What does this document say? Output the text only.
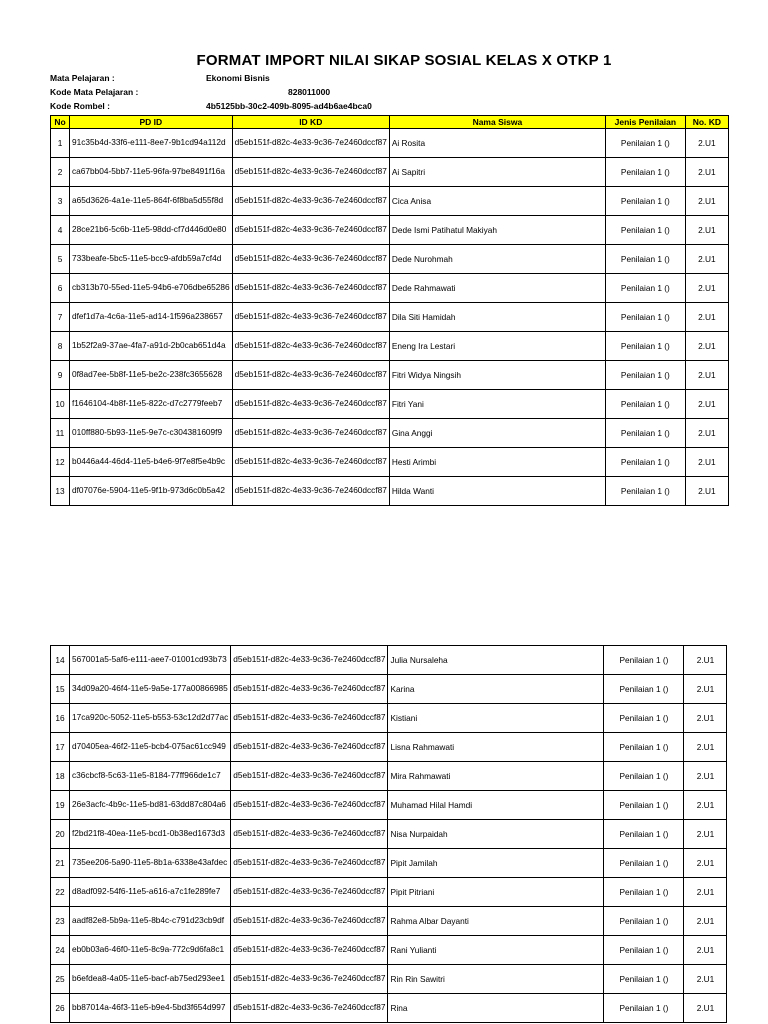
FORMAT IMPORT NILAI SIKAP SOSIAL KELAS X OTKP 1
Mata Pelajaran :	Ekonomi Bisnis
Kode Mata Pelajaran :	828011000
Kode Rombel :	4b5125bb-30c2-409b-8095-ad4b6ae4bca0
No	PD ID	ID KD	Nama Siswa	Jenis Penilaian	No. KD
1	91c35b4d-33f6-e111-8ee7-9b1cd94a112d	d5eb151f-d82c-4e33-9c36-7e2460dccf87	Ai Rosita	Penilaian 1 ()	2.U1
2	ca67bb04-5bb7-11e5-96fa-97be8491f16a	d5eb151f-d82c-4e33-9c36-7e2460dccf87	Ai Sapitri	Penilaian 1 ()	2.U1
3	a65d3626-4a1e-11e5-864f-6f8ba5d55f8d	d5eb151f-d82c-4e33-9c36-7e2460dccf87	Cica Anisa	Penilaian 1 ()	2.U1
4	28ce21b6-5c6b-11e5-98dd-cf7d446d0e80	d5eb151f-d82c-4e33-9c36-7e2460dccf87	Dede Ismi Patihatul Makiyah	Penilaian 1 ()	2.U1
5	733beafe-5bc5-11e5-bcc9-afdb59a7cf4d	d5eb151f-d82c-4e33-9c36-7e2460dccf87	Dede Nurohmah	Penilaian 1 ()	2.U1
6	cb313b70-55ed-11e5-94b6-e706dbe65286	d5eb151f-d82c-4e33-9c36-7e2460dccf87	Dede Rahmawati	Penilaian 1 ()	2.U1
7	dfef1d7a-4c6a-11e5-ad14-1f596a238657	d5eb151f-d82c-4e33-9c36-7e2460dccf87	Dila Siti Hamidah	Penilaian 1 ()	2.U1
8	1b52f2a9-37ae-4fa7-a91d-2b0cab651d4a	d5eb151f-d82c-4e33-9c36-7e2460dccf87	Eneng Ira Lestari	Penilaian 1 ()	2.U1
9	0f8ad7ee-5b8f-11e5-be2c-238fc3655628	d5eb151f-d82c-4e33-9c36-7e2460dccf87	Fitri Widya Ningsih	Penilaian 1 ()	2.U1
10	f1646104-4b8f-11e5-822c-d7c2779feeb7	d5eb151f-d82c-4e33-9c36-7e2460dccf87	Fitri Yani	Penilaian 1 ()	2.U1
11	010ff880-5b93-11e5-9e7c-c304381609f9	d5eb151f-d82c-4e33-9c36-7e2460dccf87	Gina Anggi	Penilaian 1 ()	2.U1
12	b0446a44-46d4-11e5-b4e6-9f7e8f5e4b9c	d5eb151f-d82c-4e33-9c36-7e2460dccf87	Hesti Arimbi	Penilaian 1 ()	2.U1
13	df07076e-5904-11e5-9f1b-973d6c0b5a42	d5eb151f-d82c-4e33-9c36-7e2460dccf87	Hilda Wanti	Penilaian 1 ()	2.U1
14	567001a5-5af6-e111-aee7-01001cd93b73	d5eb151f-d82c-4e33-9c36-7e2460dccf87	Julia Nursaleha	Penilaian 1 ()	2.U1
15	34d09a20-46f4-11e5-9a5e-177a00866985	d5eb151f-d82c-4e33-9c36-7e2460dccf87	Karina	Penilaian 1 ()	2.U1
16	17ca920c-5052-11e5-b553-53c12d2d77ac	d5eb151f-d82c-4e33-9c36-7e2460dccf87	Kistiani	Penilaian 1 ()	2.U1
17	d70405ea-46f2-11e5-bcb4-075ac61cc949	d5eb151f-d82c-4e33-9c36-7e2460dccf87	Lisna Rahmawati	Penilaian 1 ()	2.U1
18	c36cbcf8-5c63-11e5-8184-77ff966de1c7	d5eb151f-d82c-4e33-9c36-7e2460dccf87	Mira Rahmawati	Penilaian 1 ()	2.U1
19	26e3acfc-4b9c-11e5-bd81-63dd87c804a6	d5eb151f-d82c-4e33-9c36-7e2460dccf87	Muhamad Hilal Hamdi	Penilaian 1 ()	2.U1
20	f2bd21f8-40ea-11e5-bcd1-0b38ed1673d3	d5eb151f-d82c-4e33-9c36-7e2460dccf87	Nisa Nurpaidah	Penilaian 1 ()	2.U1
21	735ee206-5a90-11e5-8b1a-6338e43afdec	d5eb151f-d82c-4e33-9c36-7e2460dccf87	Pipit Jamilah	Penilaian 1 ()	2.U1
22	d8adf092-54f6-11e5-a616-a7c1fe289fe7	d5eb151f-d82c-4e33-9c36-7e2460dccf87	Pipit Pitriani	Penilaian 1 ()	2.U1
23	aadf82e8-5b9a-11e5-8b4c-c791d23cb9df	d5eb151f-d82c-4e33-9c36-7e2460dccf87	Rahma Albar Dayanti	Penilaian 1 ()	2.U1
24	eb0b03a6-46f0-11e5-8c9a-772c9d6fa8c1	d5eb151f-d82c-4e33-9c36-7e2460dccf87	Rani Yulianti	Penilaian 1 ()	2.U1
25	b6efdea8-4a05-11e5-bacf-ab75ed293ee1	d5eb151f-d82c-4e33-9c36-7e2460dccf87	Rin Rin Sawitri	Penilaian 1 ()	2.U1
26	bb87014a-46f3-11e5-b9e4-5bd3f654d997	d5eb151f-d82c-4e33-9c36-7e2460dccf87	Rina	Penilaian 1 ()	2.U1
